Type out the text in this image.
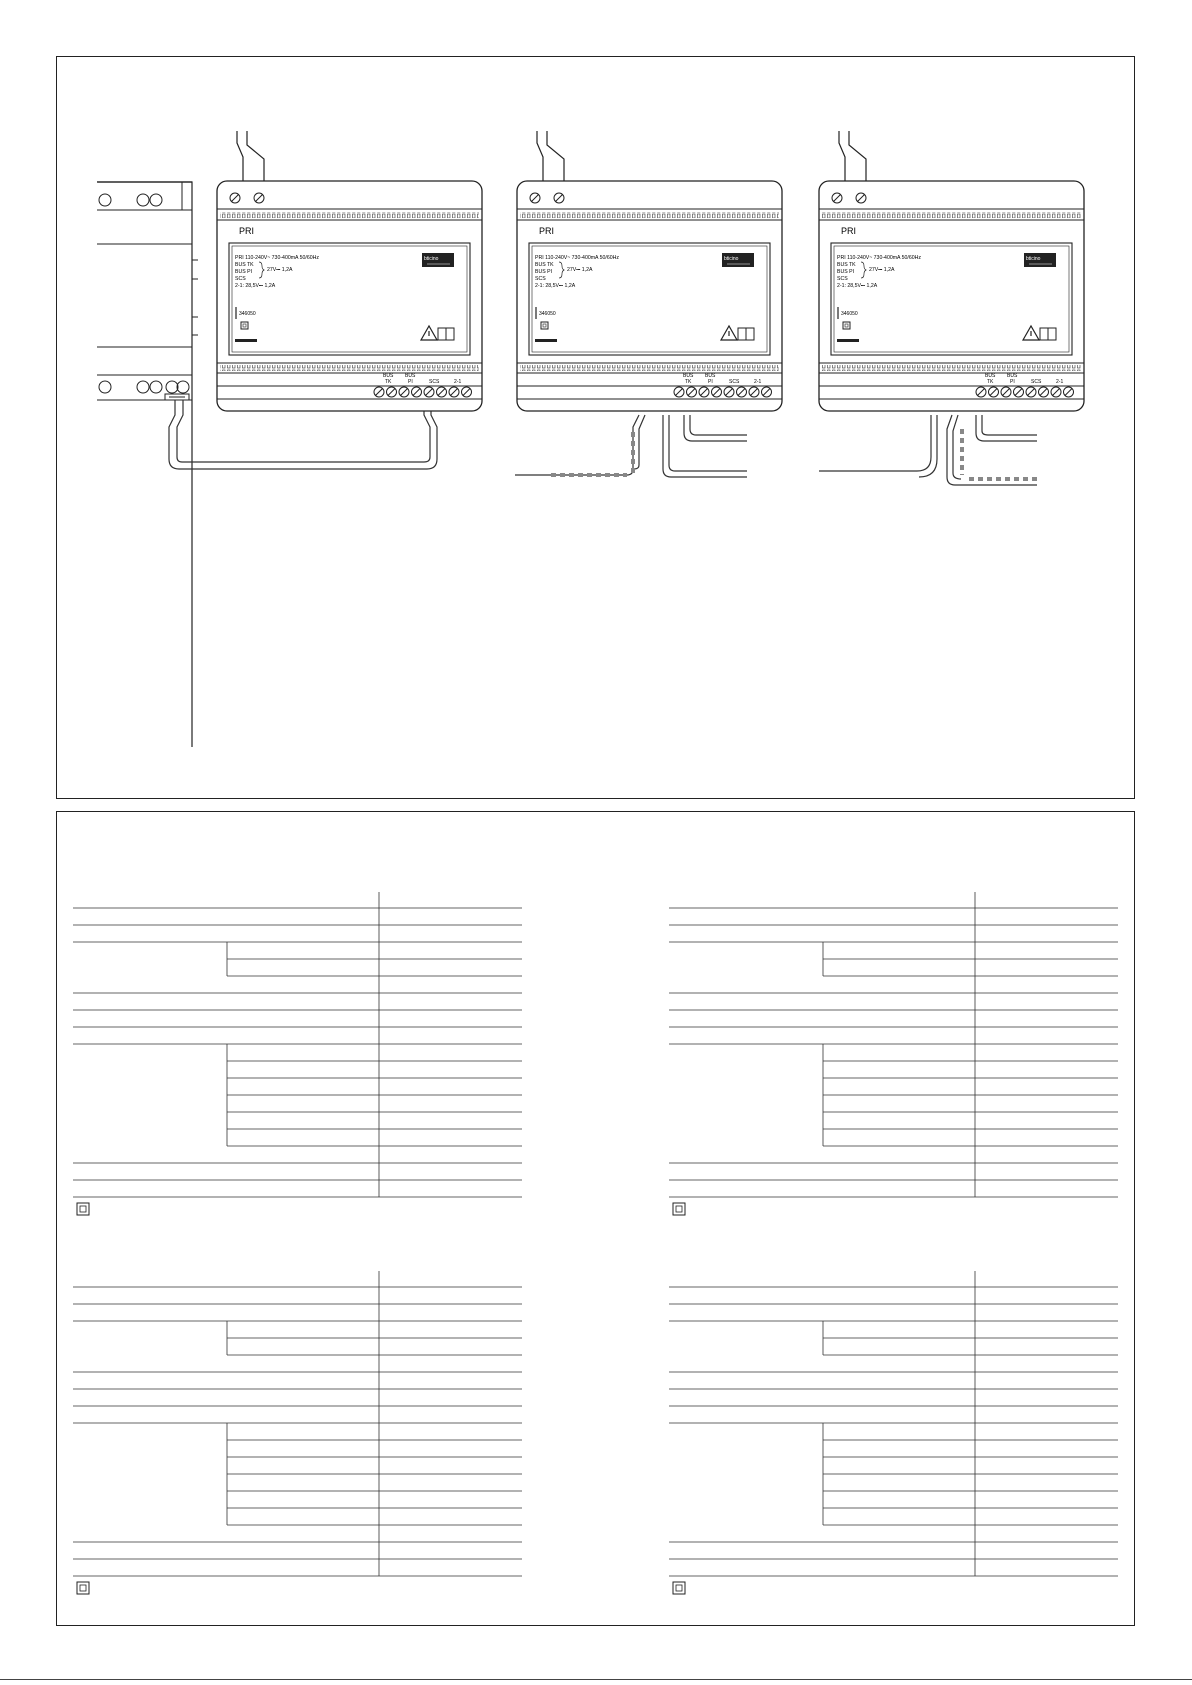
PRI
PRI 110-240V~ 730-400mA 50/60Hz
BUS TK
BUS PI
SCS
2-1: 28,5V⎓ 1,2A
27V⎓ 1,2A
bticino
346050
BUS
TK
BUS
PI	SCS	2-1
PRI
PRI 110-240V~ 730-400mA 50/60Hz
BUS TK
BUS PI
SCS
2-1: 28,5V⎓ 1,2A
27V⎓ 1,2A
bticino
346050
BUS
TK
BUS
PI	SCS	2-1
PRI
PRI 110-240V~ 730-400mA 50/60Hz
BUS TK
BUS PI
SCS
2-1: 28,5V⎓ 1,2A
27V⎓ 1,2A
bticino
346050
BUS
TK
BUS
PI	SCS	2-1
